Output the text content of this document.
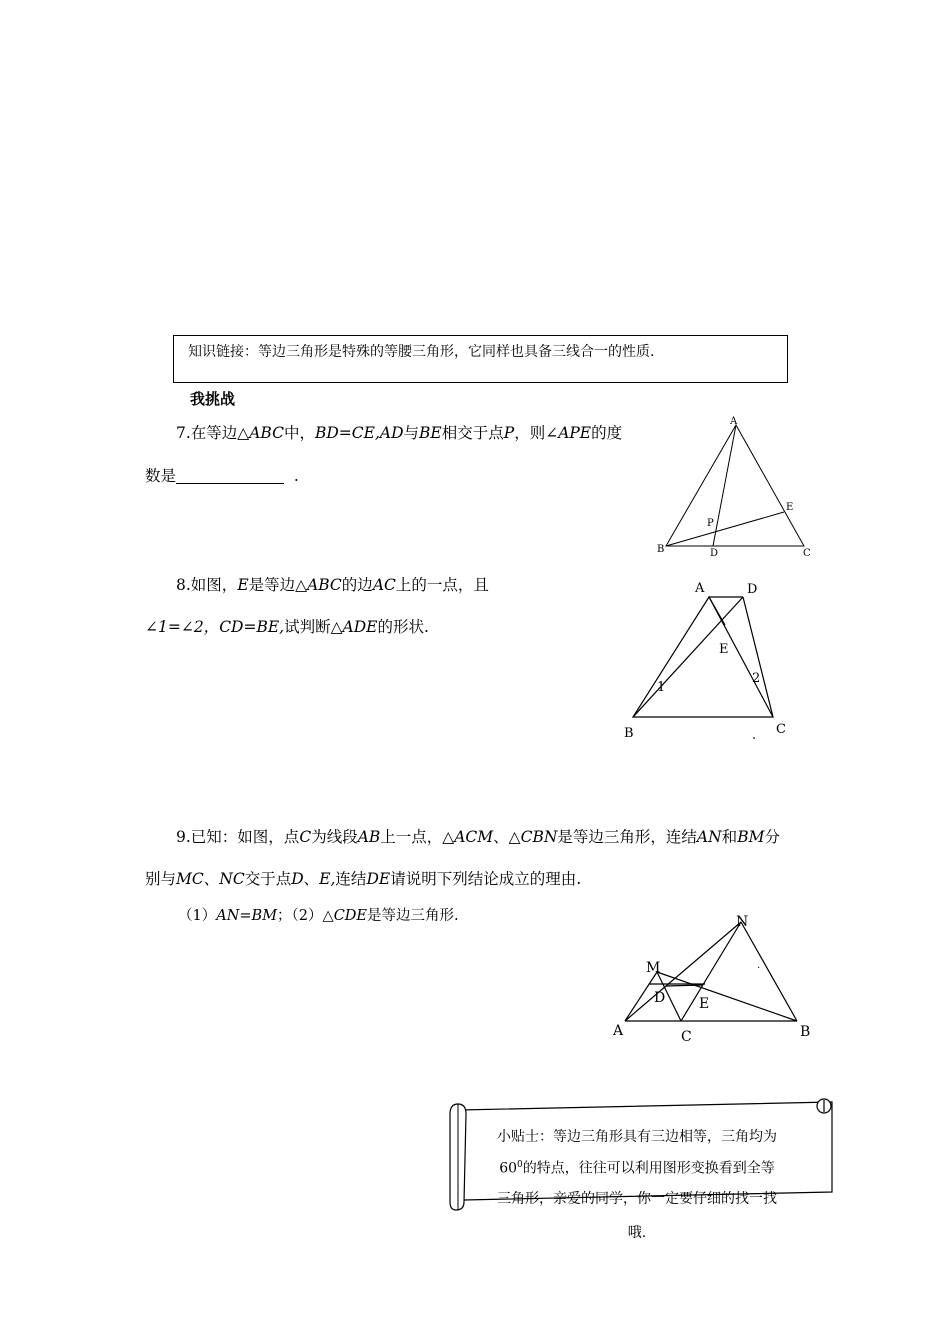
知识链接：等边三角形是特殊的等腰三角形，它同样也具备三线合一的性质.
我挑战
7.在等边△ABC中，BD=CE,AD与BE相交于点P，则∠APE的度
数是	.
A
B	C
D
E
P
8.如图，E是等边△ABC的边AC上的一点，且
∠1=∠2，CD=BE,试判断△ADE的形状.
A	D
E
1
2
B	C
.
9.已知：如图，点C为线段AB上一点，△ACM、△CBN是等边三角形，连结AN和BM分
别与MC、NC交于点D、E,连结DE请说明下列结论成立的理由.
（1）AN=BM；（2）△CDE是等边三角形.
M
N
D E
A	C	B
.
小贴士：等边三角形具有三边相等，三角均为
$60^0$的特点，往往可以利用图形变换看到全等
三角形，亲爱的同学，你一定要仔细的找一找
哦.
